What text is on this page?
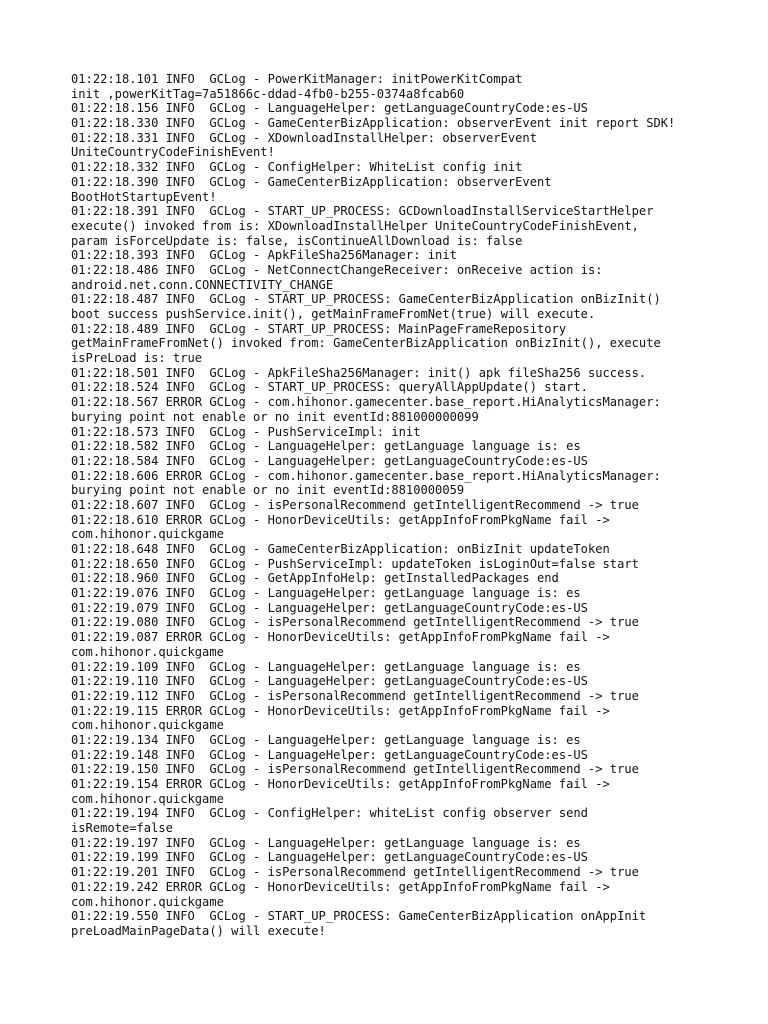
01:22:18.101 INFO  GCLog - PowerKitManager: initPowerKitCompat
init ,powerKitTag=7a51866c-ddad-4fb0-b255-0374a8fcab60
01:22:18.156 INFO  GCLog - LanguageHelper: getLanguageCountryCode:es-US
01:22:18.330 INFO  GCLog - GameCenterBizApplication: observerEvent init report SDK!
01:22:18.331 INFO  GCLog - XDownloadInstallHelper: observerEvent
UniteCountryCodeFinishEvent!
01:22:18.332 INFO  GCLog - ConfigHelper: WhiteList config init
01:22:18.390 INFO  GCLog - GameCenterBizApplication: observerEvent
BootHotStartupEvent!
01:22:18.391 INFO  GCLog - START_UP_PROCESS: GCDownloadInstallServiceStartHelper
execute() invoked from is: XDownloadInstallHelper UniteCountryCodeFinishEvent,
param isForceUpdate is: false, isContinueAllDownload is: false
01:22:18.393 INFO  GCLog - ApkFileSha256Manager: init
01:22:18.486 INFO  GCLog - NetConnectChangeReceiver: onReceive action is:
android.net.conn.CONNECTIVITY_CHANGE
01:22:18.487 INFO  GCLog - START_UP_PROCESS: GameCenterBizApplication onBizInit()
boot success pushService.init(), getMainFrameFromNet(true) will execute.
01:22:18.489 INFO  GCLog - START_UP_PROCESS: MainPageFrameRepository
getMainFrameFromNet() invoked from: GameCenterBizApplication onBizInit(), execute
isPreLoad is: true
01:22:18.501 INFO  GCLog - ApkFileSha256Manager: init() apk fileSha256 success.
01:22:18.524 INFO  GCLog - START_UP_PROCESS: queryAllAppUpdate() start.
01:22:18.567 ERROR GCLog - com.hihonor.gamecenter.base_report.HiAnalyticsManager:
burying point not enable or no init eventId:881000000099
01:22:18.573 INFO  GCLog - PushServiceImpl: init
01:22:18.582 INFO  GCLog - LanguageHelper: getLanguage language is: es
01:22:18.584 INFO  GCLog - LanguageHelper: getLanguageCountryCode:es-US
01:22:18.606 ERROR GCLog - com.hihonor.gamecenter.base_report.HiAnalyticsManager:
burying point not enable or no init eventId:8810000059
01:22:18.607 INFO  GCLog - isPersonalRecommend getIntelligentRecommend -> true
01:22:18.610 ERROR GCLog - HonorDeviceUtils: getAppInfoFromPkgName fail ->
com.hihonor.quickgame
01:22:18.648 INFO  GCLog - GameCenterBizApplication: onBizInit updateToken
01:22:18.650 INFO  GCLog - PushServiceImpl: updateToken isLoginOut=false start
01:22:18.960 INFO  GCLog - GetAppInfoHelp: getInstalledPackages end
01:22:19.076 INFO  GCLog - LanguageHelper: getLanguage language is: es
01:22:19.079 INFO  GCLog - LanguageHelper: getLanguageCountryCode:es-US
01:22:19.080 INFO  GCLog - isPersonalRecommend getIntelligentRecommend -> true
01:22:19.087 ERROR GCLog - HonorDeviceUtils: getAppInfoFromPkgName fail ->
com.hihonor.quickgame
01:22:19.109 INFO  GCLog - LanguageHelper: getLanguage language is: es
01:22:19.110 INFO  GCLog - LanguageHelper: getLanguageCountryCode:es-US
01:22:19.112 INFO  GCLog - isPersonalRecommend getIntelligentRecommend -> true
01:22:19.115 ERROR GCLog - HonorDeviceUtils: getAppInfoFromPkgName fail ->
com.hihonor.quickgame
01:22:19.134 INFO  GCLog - LanguageHelper: getLanguage language is: es
01:22:19.148 INFO  GCLog - LanguageHelper: getLanguageCountryCode:es-US
01:22:19.150 INFO  GCLog - isPersonalRecommend getIntelligentRecommend -> true
01:22:19.154 ERROR GCLog - HonorDeviceUtils: getAppInfoFromPkgName fail ->
com.hihonor.quickgame
01:22:19.194 INFO  GCLog - ConfigHelper: whiteList config observer send
isRemote=false
01:22:19.197 INFO  GCLog - LanguageHelper: getLanguage language is: es
01:22:19.199 INFO  GCLog - LanguageHelper: getLanguageCountryCode:es-US
01:22:19.201 INFO  GCLog - isPersonalRecommend getIntelligentRecommend -> true
01:22:19.242 ERROR GCLog - HonorDeviceUtils: getAppInfoFromPkgName fail ->
com.hihonor.quickgame
01:22:19.550 INFO  GCLog - START_UP_PROCESS: GameCenterBizApplication onAppInit
preLoadMainPageData() will execute!
